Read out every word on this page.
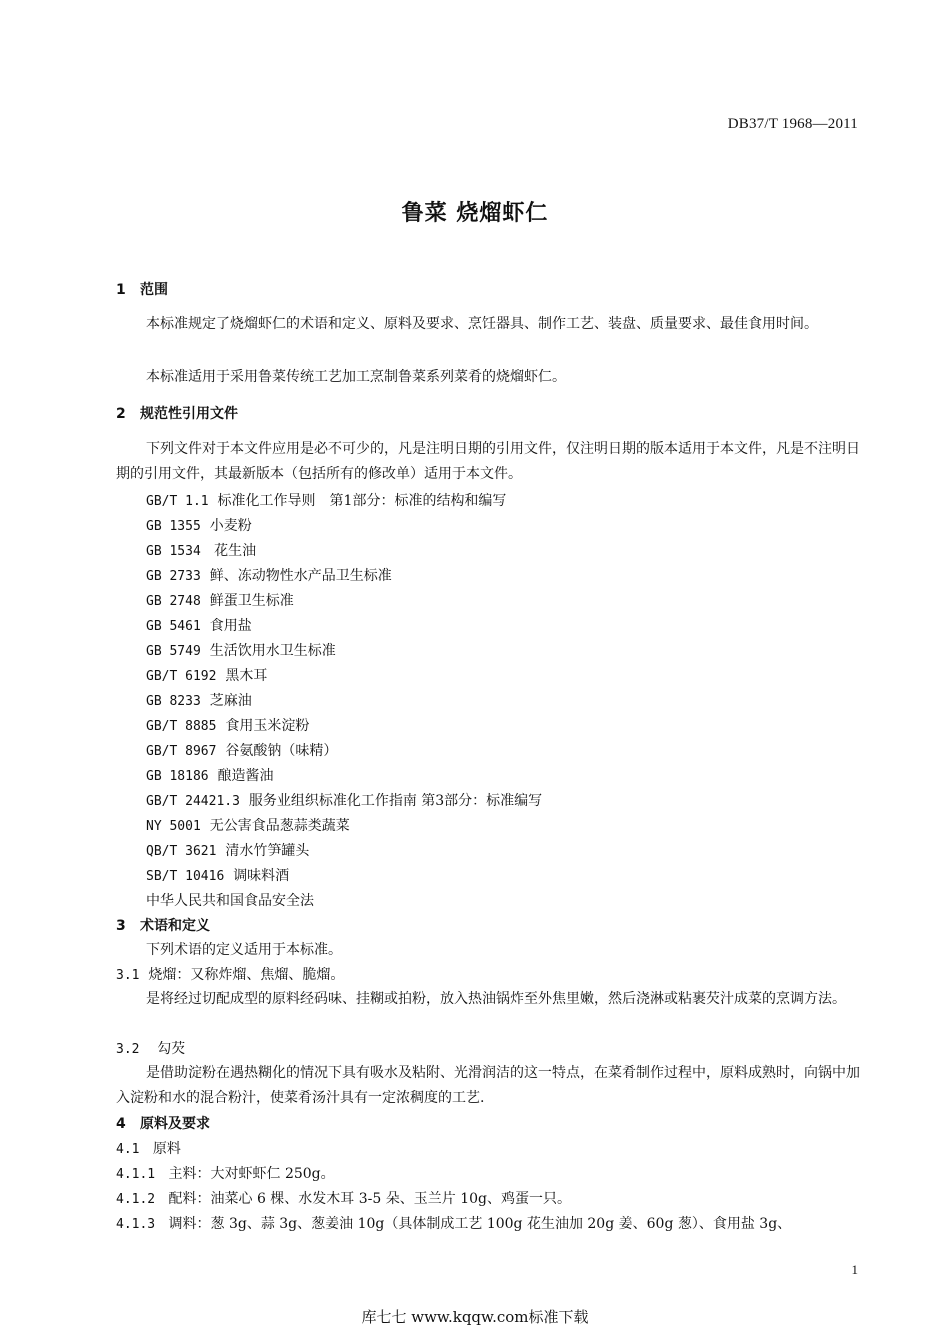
DB37/T 1968—2011
鲁菜 烧熘虾仁
1 范围
本标准规定了烧熘虾仁的术语和定义、原料及要求、烹饪器具、制作工艺、装盘、质量要求、最佳食用时间。
本标准适用于采用鲁菜传统工艺加工烹制鲁菜系列菜肴的烧熘虾仁。
2 规范性引用文件
下列文件对于本文件应用是必不可少的，凡是注明日期的引用文件，仅注明日期的版本适用于本文件，凡是不注明日期的引用文件，其最新版本（包括所有的修改单）适用于本文件。
GB/T 1.1 标准化工作导则　第1部分：标准的结构和编写
GB 1355 小麦粉
GB 1534 花生油
GB 2733 鲜、冻动物性水产品卫生标准
GB 2748 鲜蛋卫生标准
GB 5461 食用盐
GB 5749 生活饮用水卫生标准
GB/T 6192 黑木耳
GB 8233 芝麻油
GB/T 8885 食用玉米淀粉
GB/T 8967 谷氨酸钠（味精）
GB 18186 酿造酱油
GB/T 24421.3 服务业组织标准化工作指南 第3部分：标准编写
NY 5001 无公害食品葱蒜类蔬菜
QB/T 3621 清水竹笋罐头
SB/T 10416 调味料酒
中华人民共和国食品安全法
3 术语和定义
下列术语的定义适用于本标准。
3.1 烧熘：又称炸熘、焦熘、脆熘。
是将经过切配成型的原料经码味、挂糊或拍粉，放入热油锅炸至外焦里嫩，然后浇淋或粘裹芡汁成菜的烹调方法。
3.2 勾芡
是借助淀粉在遇热糊化的情况下具有吸水及粘附、光滑润洁的这一特点，在菜肴制作过程中，原料成熟时，向锅中加入淀粉和水的混合粉汁，使菜肴汤汁具有一定浓稠度的工艺.
4 原料及要求
4.1 原料
4.1.1 主料：大对虾虾仁 250g。
4.1.2 配料：油菜心 6 棵、水发木耳 3-5 朵、玉兰片 10g、鸡蛋一只。
4.1.3 调料：葱 3g、蒜 3g、葱姜油 10g（具体制成工艺 100g 花生油加 20g 姜、60g 葱）、食用盐 3g、
1
库七七 www.kqqw.com标准下载
